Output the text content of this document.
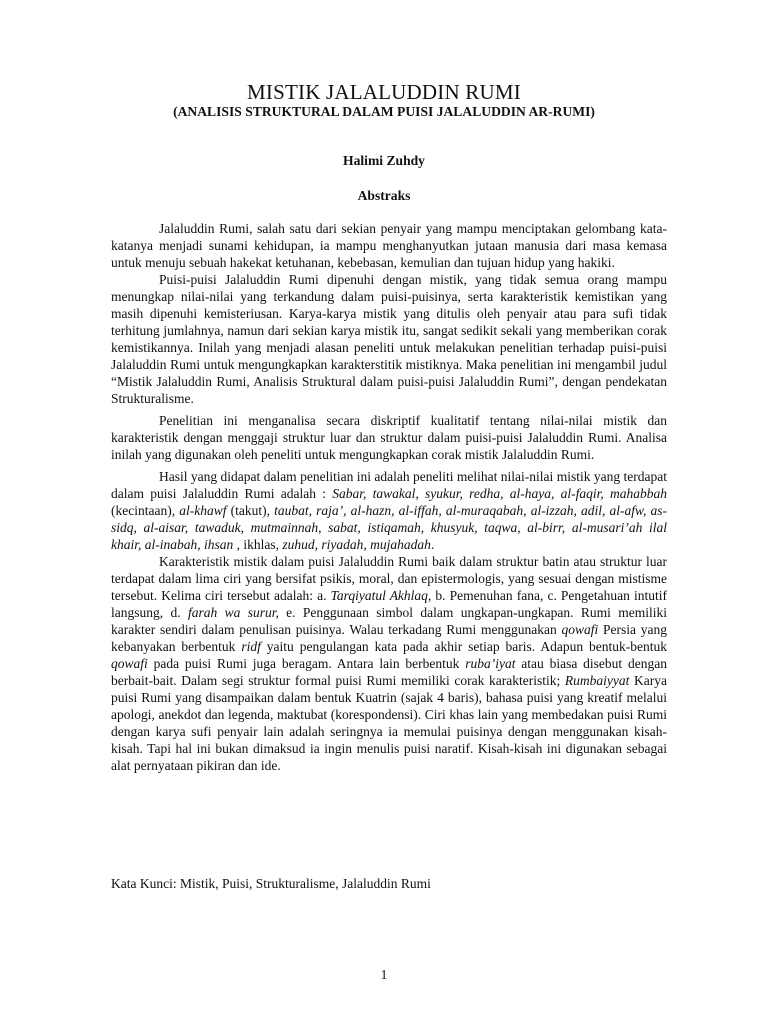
MISTIK JALALUDDIN RUMI
(ANALISIS STRUKTURAL DALAM PUISI JALALUDDIN AR-RUMI)
Halimi Zuhdy
Abstraks

Jalaluddin Rumi, salah satu dari sekian penyair yang mampu menciptakan gelombang kata-katanya menjadi sunami kehidupan, ia mampu menghanyutkan jutaan manusia dari masa kemasa untuk menuju sebuah hakekat ketuhanan, kebebasan, kemulian dan tujuan hidup yang hakiki.

Puisi-puisi Jalaluddin Rumi dipenuhi dengan mistik, yang tidak semua orang mampu menungkap nilai-nilai yang terkandung dalam puisi-puisinya, serta karakteristik kemistikan yang masih dipenuhi kemisteriusan. Karya-karya mistik yang ditulis oleh penyair atau para sufi tidak terhitung jumlahnya, namun dari sekian karya mistik itu, sangat sedikit sekali yang memberikan corak kemistikannya. Inilah yang menjadi alasan peneliti untuk melakukan penelitian terhadap puisi-puisi Jalaluddin Rumi untuk mengungkapkan karakterstitik mistiknya. Maka penelitian ini mengambil judul “Mistik Jalaluddin Rumi, Analisis Struktural dalam puisi-puisi Jalaluddin Rumi”, dengan pendekatan Strukturalisme.

Penelitian ini menganalisa secara diskriptif kualitatif tentang nilai-nilai mistik dan karakteristik dengan menggaji struktur luar dan struktur dalam puisi-puisi Jalaluddin Rumi. Analisa inilah yang digunakan oleh peneliti untuk mengungkapkan corak mistik Jalaluddin Rumi.

Hasil yang didapat dalam penelitian ini adalah peneliti melihat nilai-nilai mistik yang terdapat dalam puisi Jalaluddin Rumi adalah : Sabar, tawakal, syukur, redha, al-haya, al-faqir, mahabbah (kecintaan), al-khawf (takut), taubat, raja’, al-hazn, al-iffah, al-muraqabah, al-izzah, adil, al-afw, as-sidq, al-aisar, tawaduk, mutmainnah, sabat, istiqamah, khusyuk, taqwa, al-birr, al-musari’ah ilal khair, al-inabah, ihsan , ikhlas, zuhud, riyadah, mujahadah.

Karakteristik mistik dalam puisi Jalaluddin Rumi baik dalam struktur batin atau struktur luar terdapat dalam lima ciri yang bersifat psikis, moral, dan epistermologis, yang sesuai dengan mistisme tersebut. Kelima ciri tersebut adalah: a. Tarqiyatul Akhlaq, b. Pemenuhan fana, c. Pengetahuan intutif langsung, d. farah wa surur, e. Penggunaan simbol dalam ungkapan-ungkapan. Rumi memiliki karakter sendiri dalam penulisan puisinya. Walau terkadang Rumi menggunakan qowafi Persia yang kebanyakan berbentuk ridf yaitu pengulangan kata pada akhir setiap baris. Adapun bentuk-bentuk qowafi pada puisi Rumi juga beragam. Antara lain berbentuk ruba’iyat atau biasa disebut dengan berbait-bait. Dalam segi struktur formal puisi Rumi memiliki corak karakteristik; Rumbaiyyat Karya puisi Rumi yang disampaikan dalam bentuk Kuatrin (sajak 4 baris), bahasa puisi yang kreatif melalui apologi, anekdot dan legenda, maktubat (korespondensi). Ciri khas lain yang membedakan puisi Rumi dengan karya sufi penyair lain adalah seringnya ia memulai puisinya dengan menggunakan kisah-kisah. Tapi hal ini bukan dimaksud ia ingin menulis puisi naratif. Kisah-kisah ini digunakan sebagai alat pernyataan pikiran dan ide.

Kata Kunci: Mistik, Puisi, Strukturalisme, Jalaluddin Rumi

1
